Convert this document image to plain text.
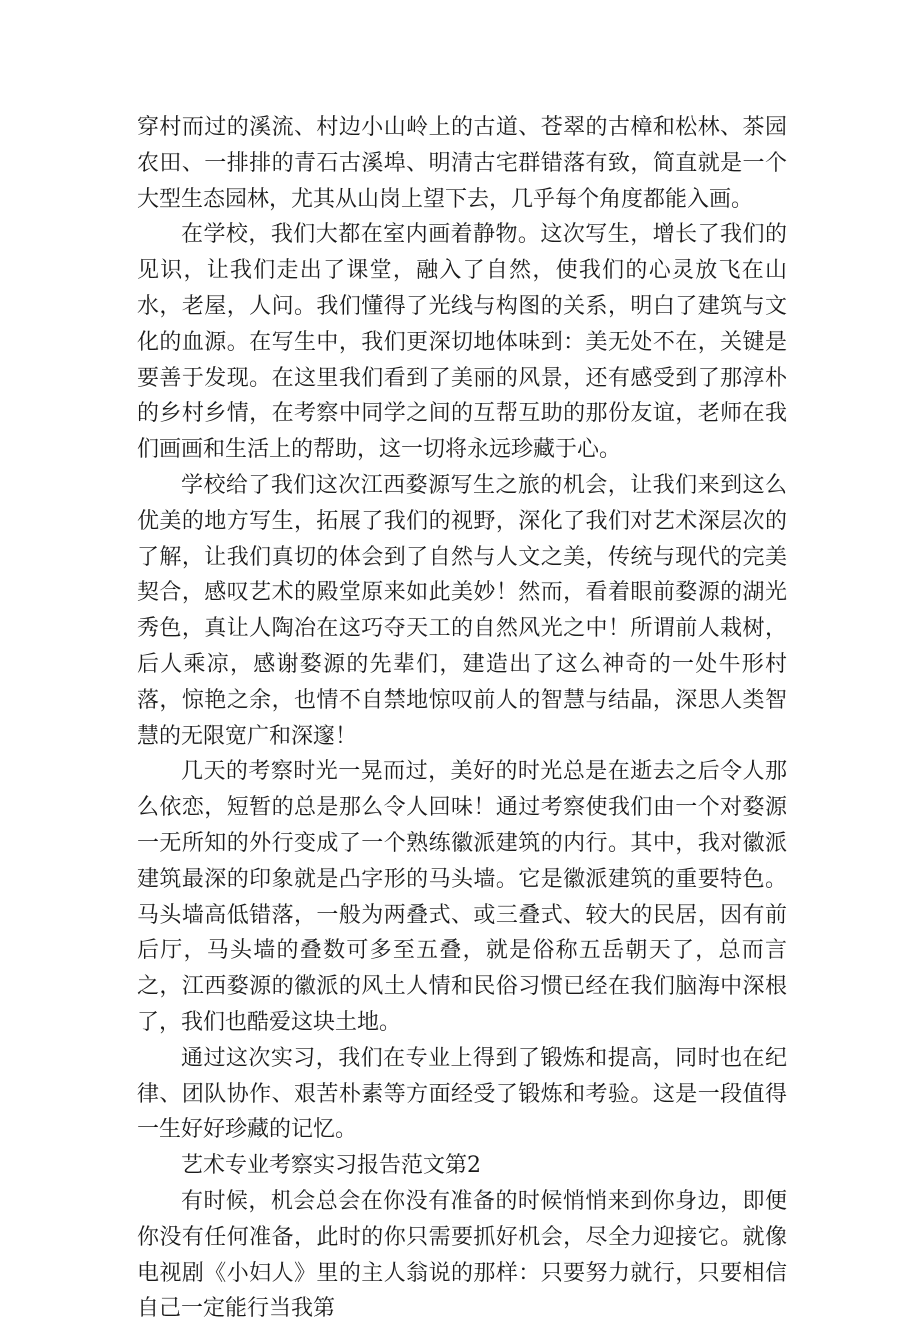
穿村而过的溪流、村边小山岭上的古道、苍翠的古樟和松林、茶园农田、一排排的青石古溪埠、明清古宅群错落有致，简直就是一个大型生态园林，尤其从山岗上望下去，几乎每个角度都能入画。

在学校，我们大都在室内画着静物。这次写生，增长了我们的见识，让我们走出了课堂，融入了自然，使我们的心灵放飞在山水，老屋，人问。我们懂得了光线与构图的关系，明白了建筑与文化的血源。在写生中，我们更深切地体味到：美无处不在，关键是要善于发现。在这里我们看到了美丽的风景，还有感受到了那淳朴的乡村乡情，在考察中同学之间的互帮互助的那份友谊，老师在我们画画和生活上的帮助，这一切将永远珍藏于心。

学校给了我们这次江西婺源写生之旅的机会，让我们来到这么优美的地方写生，拓展了我们的视野，深化了我们对艺术深层次的了解，让我们真切的体会到了自然与人文之美，传统与现代的完美契合，感叹艺术的殿堂原来如此美妙！然而，看着眼前婺源的湖光秀色，真让人陶冶在这巧夺天工的自然风光之中！所谓前人栽树，后人乘凉，感谢婺源的先辈们，建造出了这么神奇的一处牛形村落，惊艳之余，也情不自禁地惊叹前人的智慧与结晶，深思人类智慧的无限宽广和深邃！

几天的考察时光一晃而过，美好的时光总是在逝去之后令人那么依恋，短暂的总是那么令人回味！通过考察使我们由一个对婺源一无所知的外行变成了一个熟练徽派建筑的内行。其中，我对徽派建筑最深的印象就是凸字形的马头墙。它是徽派建筑的重要特色。马头墙高低错落，一般为两叠式、或三叠式、较大的民居，因有前后厅，马头墙的叠数可多至五叠，就是俗称五岳朝天了，总而言之，江西婺源的徽派的风土人情和民俗习惯已经在我们脑海中深根了，我们也酷爱这块土地。

通过这次实习，我们在专业上得到了锻炼和提高，同时也在纪律、团队协作、艰苦朴素等方面经受了锻炼和考验。这是一段值得一生好好珍藏的记忆。

艺术专业考察实习报告范文第2

有时候，机会总会在你没有准备的时候悄悄来到你身边，即便你没有任何准备，此时的你只需要抓好机会，尽全力迎接它。就像电视剧《小妇人》里的主人翁说的那样：只要努力就行，只要相信自己一定能行当我第
